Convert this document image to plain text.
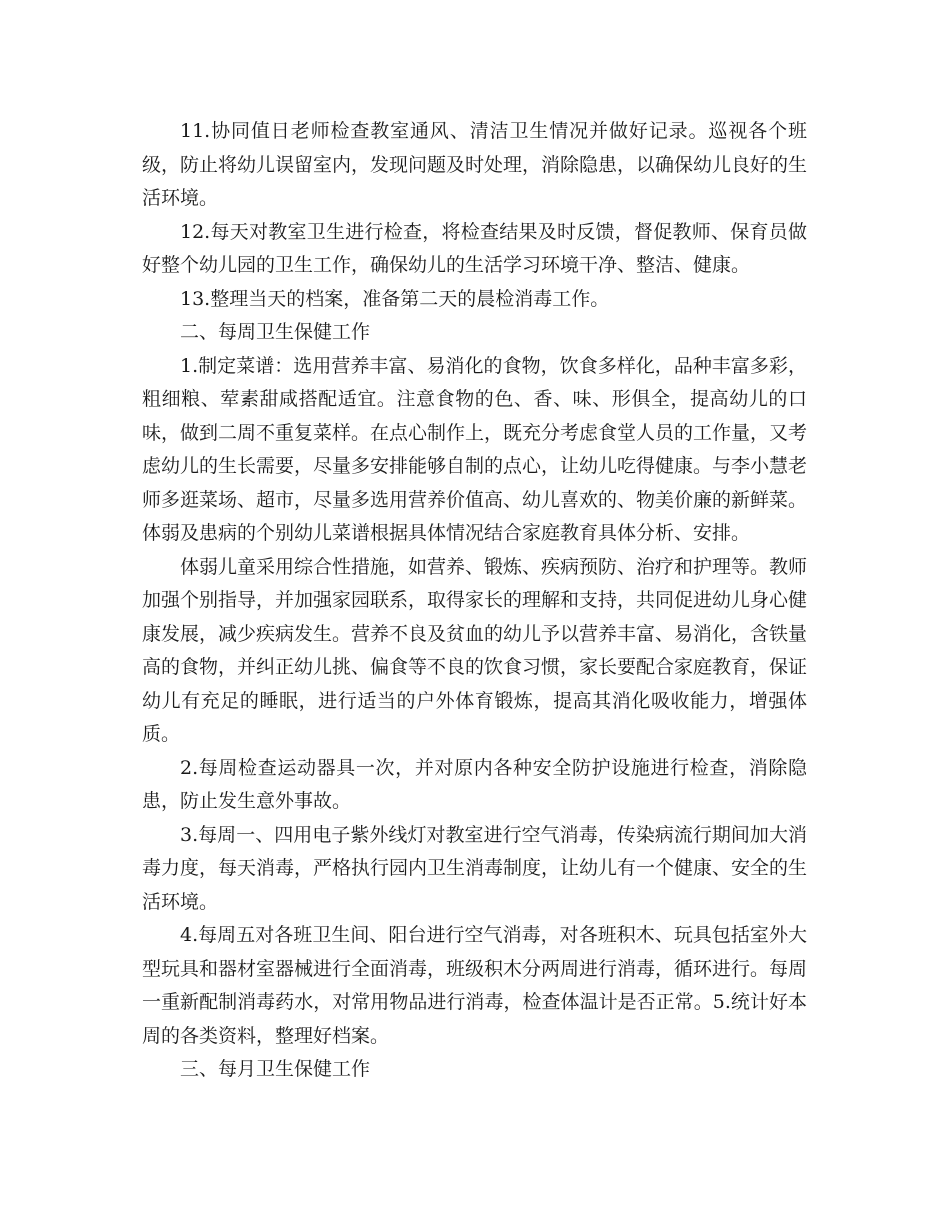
11.协同值日老师检查教室通风、清洁卫生情况并做好记录。巡视各个班级，防止将幼儿误留室内，发现问题及时处理，消除隐患，以确保幼儿良好的生活环境。

12.每天对教室卫生进行检查，将检查结果及时反馈，督促教师、保育员做好整个幼儿园的卫生工作，确保幼儿的生活学习环境干净、整洁、健康。

13.整理当天的档案，准备第二天的晨检消毒工作。

二、每周卫生保健工作

1.制定菜谱：选用营养丰富、易消化的食物，饮食多样化，品种丰富多彩，粗细粮、荤素甜咸搭配适宜。注意食物的色、香、味、形俱全，提高幼儿的口味，做到二周不重复菜样。在点心制作上，既充分考虑食堂人员的工作量，又考虑幼儿的生长需要，尽量多安排能够自制的点心，让幼儿吃得健康。与李小慧老师多逛菜场、超市，尽量多选用营养价值高、幼儿喜欢的、物美价廉的新鲜菜。体弱及患病的个别幼儿菜谱根据具体情况结合家庭教育具体分析、安排。

体弱儿童采用综合性措施，如营养、锻炼、疾病预防、治疗和护理等。教师加强个别指导，并加强家园联系，取得家长的理解和支持，共同促进幼儿身心健康发展，减少疾病发生。营养不良及贫血的幼儿予以营养丰富、易消化，含铁量高的食物，并纠正幼儿挑、偏食等不良的饮食习惯，家长要配合家庭教育，保证幼儿有充足的睡眠，进行适当的户外体育锻炼，提高其消化吸收能力，增强体质。

2.每周检查运动器具一次，并对原内各种安全防护设施进行检查，消除隐患，防止发生意外事故。

3.每周一、四用电子紫外线灯对教室进行空气消毒，传染病流行期间加大消毒力度，每天消毒，严格执行园内卫生消毒制度，让幼儿有一个健康、安全的生活环境。

4.每周五对各班卫生间、阳台进行空气消毒，对各班积木、玩具包括室外大型玩具和器材室器械进行全面消毒，班级积木分两周进行消毒，循环进行。每周一重新配制消毒药水，对常用物品进行消毒，检查体温计是否正常。5.统计好本周的各类资料，整理好档案。

三、每月卫生保健工作
